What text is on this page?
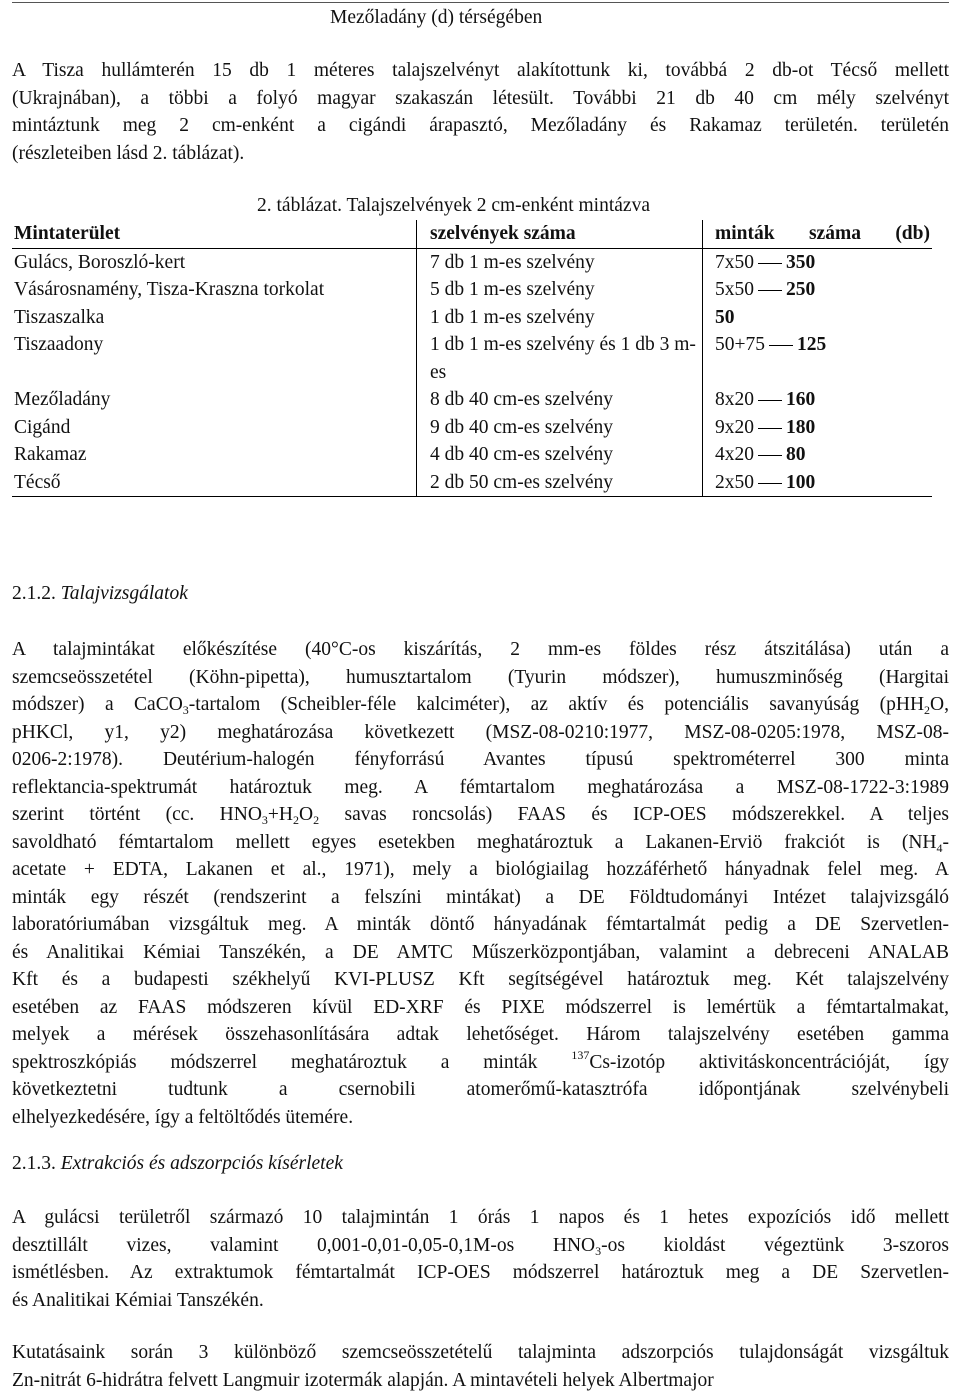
Mezőladány (d) térségében

A Tisza hullámterén 15 db 1 méteres talajszelvényt alakítottunk ki, továbbá 2 db-ot Técső mellett
(Ukrajnában), a többi a folyó magyar szakaszán létesült. További 21 db 40 cm mély szelvényt
mintáztunk meg 2 cm-enként a cigándi árapasztó, Mezőladány és Rakamaz területén. területén
(részleteiben lásd 2. táblázat).

2. táblázat. Talajszelvények 2 cm-enként mintázva
Mintaterület	szelvények száma	minták száma (db)
Gulács, Boroszló-kert	7 db 1 m-es szelvény	7x50 350
Vásárosnamény, Tisza-Kraszna torkolat	5 db 1 m-es szelvény	5x50 250
Tiszaszalka	1 db 1 m-es szelvény	50
Tiszaadony	1 db 1 m-es szelvény és 1 db 3 m-es	50+75 125
Mezőladány	8 db 40 cm-es szelvény	8x20 160
Cigánd	9 db 40 cm-es szelvény	9x20 180
Rakamaz	4 db 40 cm-es szelvény	4x20 80
Técső	2 db 50 cm-es szelvény	2x50 100
2.1.2. Talajvizsgálatok

A talajmintákat előkészítése (40°C-os kiszárítás, 2 mm-es földes rész átszitálása) után a
szemcseösszetétel (Köhn-pipetta), humusztartalom (Tyurin módszer), humuszminőség (Hargitai
módszer) a CaCO$_3$-tartalom (Scheibler-féle kalciméter), az aktív és potenciális savanyúság (pHH$_2$O,
pHKCl, y1, y2) meghatározása következett (MSZ-08-0210:1977, MSZ-08-0205:1978, MSZ-08-
0206-2:1978). Deutérium-halogén fényforrású Avantes típusú spektrométerrel 300 minta
reflektancia-spektrumát határoztuk meg. A fémtartalom meghatározása a MSZ-08-1722-3:1989
szerint történt (cc. $HNO_3+H_2O_2$ savas roncsolás) FAAS és ICP-OES módszerekkel. A teljes
savoldható fémtartalom mellett egyes esetekben meghatároztuk a Lakanen-Erviö frakciót is ($NH_4-$
acetate + EDTA, Lakanen et al., 1971), mely a biológiailag hozzáférhető hányadnak felel meg. A
minták egy részét (rendszerint a felszíni mintákat) a DE Földtudományi Intézet talajvizsgáló
laboratóriumában vizsgáltuk meg. A minták döntő hányadának fémtartalmát pedig a DE Szervetlen-
és Analitikai Kémiai Tanszékén, a DE AMTC Műszerközpontjában, valamint a debreceni ANALAB
Kft és a budapesti székhelyű KVI-PLUSZ Kft segítségével határoztuk meg. Két talajszelvény
esetében az FAAS módszeren kívül ED-XRF és PIXE módszerrel is lemértük a fémtartalmakat,
melyek a mérések összehasonlítására adtak lehetőséget. Három talajszelvény esetében gamma
spektroszkópiás módszerrel meghatároztuk a minták $^{137}$Cs-izotóp aktivitáskoncentrációját, így
következtetni tudtunk a csernobili atomerőmű-katasztrófa időpontjának szelvénybeli
elhelyezkedésére, így a feltöltődés ütemére.

2.1.3. Extrakciós és adszorpciós kísérletek

A gulácsi területről származó 10 talajmintán 1 órás 1 napos és 1 hetes expozíciós idő mellett
desztillált vizes, valamint 0,001-0,01-0,05-0,1M-os $HNO_3-os$ kioldást végeztünk 3-szoros
ismétlésben. Az extraktumok fémtartalmát ICP-OES módszerrel határoztuk meg a DE Szervetlen-
és Analitikai Kémiai Tanszékén.

Kutatásaink során 3 különböző szemcseösszetételű talajminta adszorpciós tulajdonságát vizsgáltuk
Zn-nitrát 6-hidrátra felvett Langmuir izotermák alapján. A mintavételi helyek Albertmajor
